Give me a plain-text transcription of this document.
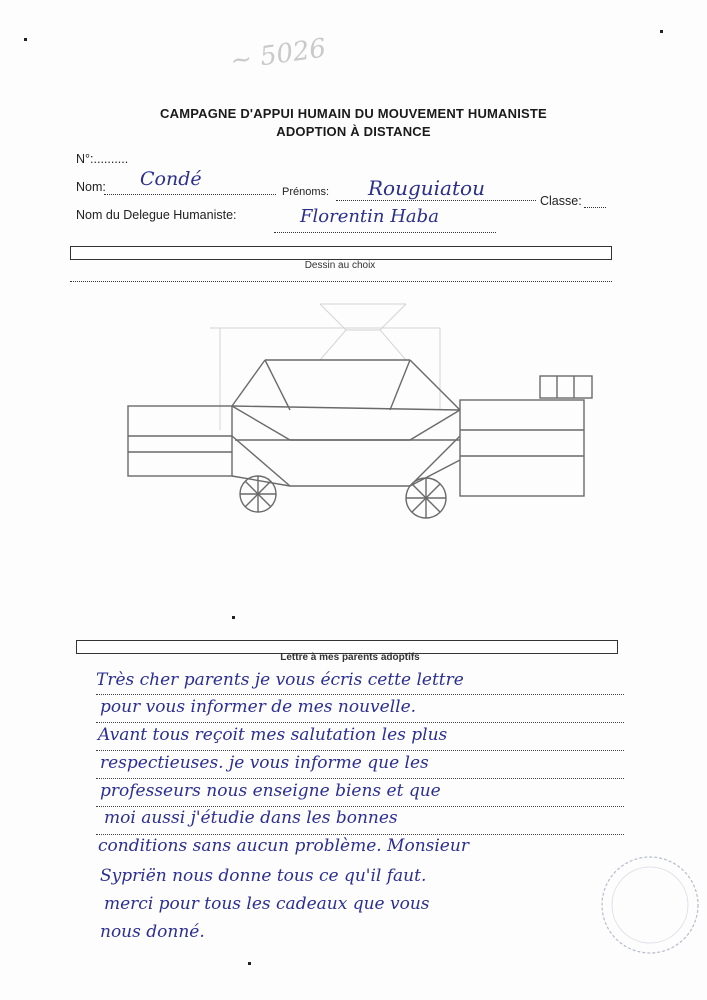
~ 5026
CAMPAGNE D'APPUI HUMAIN DU MOUVEMENT HUMANISTE
ADOPTION À DISTANCE
N°:..........
Nom: Condé
Prénoms: Rouguiatou
Classe:
Nom du Delegue Humaniste:	Florentin Haba
Dessin au choix
Lettre à mes parents adoptifs
Très cher parents je vous écris cette lettre
pour vous informer de mes nouvelle.
Avant tous reçoit mes salutation les plus
respectieuses. je vous informe que les
professeurs nous enseigne biens et que
moi aussi j'étudie dans les bonnes
conditions sans aucun problème. Monsieur
Sypriën nous donne tous ce qu'il faut.
merci pour tous les cadeaux que vous
nous donné.
